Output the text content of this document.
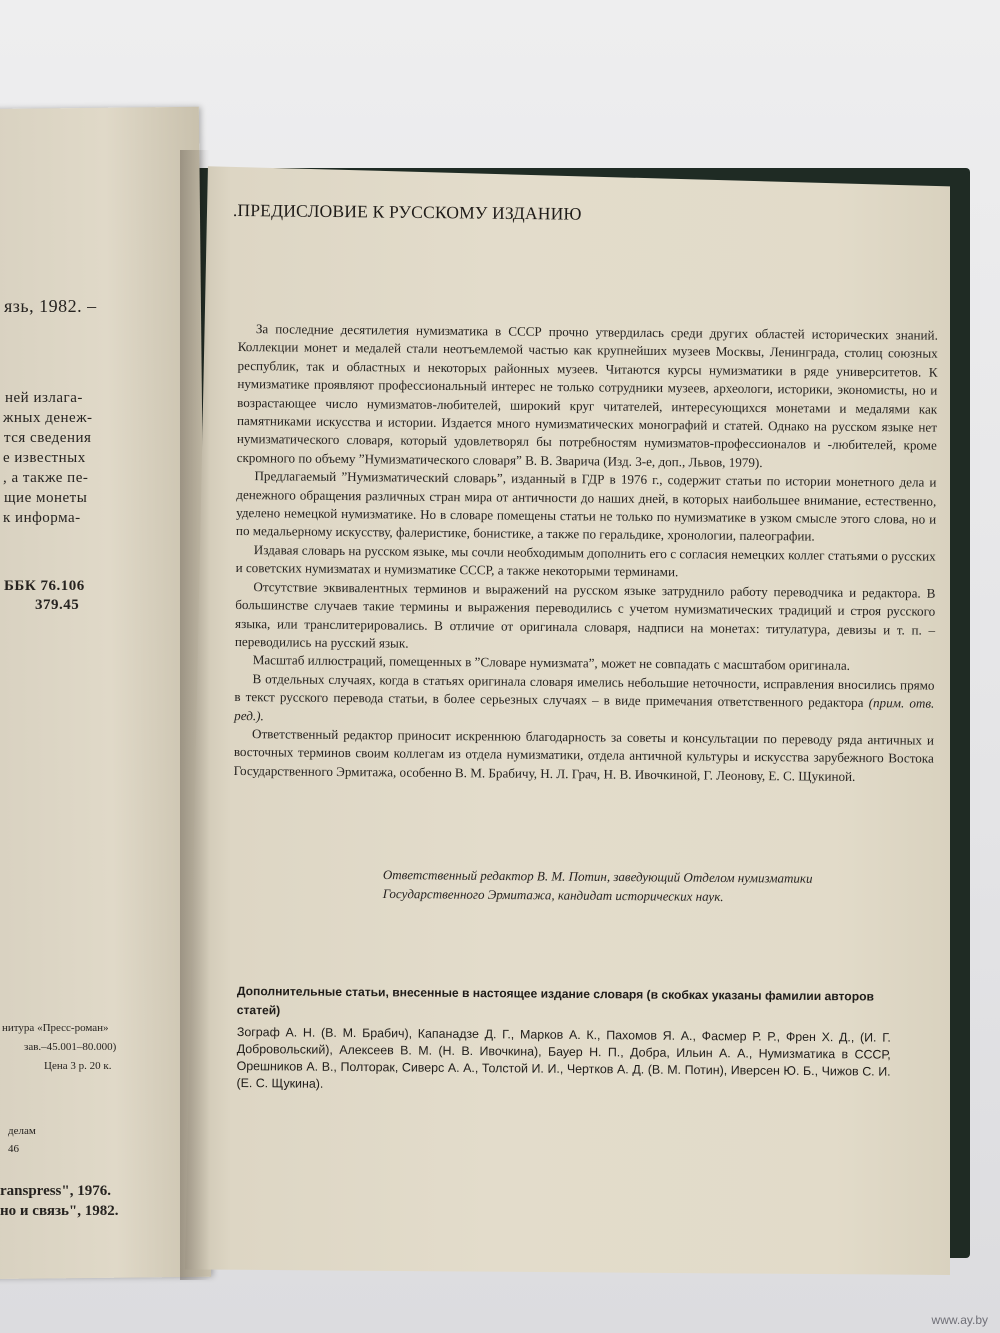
язь, 1982. –
ней излага-
жных денеж-
тся сведения
е известных
, а также пе-
щие монеты
к информа-
ББК 76.106
379.45
нитура «Пресс-роман»
зав.–45.001–80.000)
Цена 3 р. 20 к.
делам
46
ranspress", 1976.
но и связь", 1982.
.ПРЕДИСЛОВИЕ К РУССКОМУ ИЗДАНИЮ

За последние десятилетия нумизматика в СССР прочно утвердилась среди других областей исторических знаний. Коллекции монет и медалей стали неотъемлемой частью как крупнейших музеев Москвы, Ленинграда, столиц союзных республик, так и областных и некоторых районных музеев. Читаются курсы нумизматики в ряде университетов. К нумизматике проявляют профессиональный интерес не только сотрудники музеев, археологи, историки, экономисты, но и возрастающее число нумизматов-любителей, широкий круг читателей, интересующихся монетами и медалями как памятниками искусства и истории. Издается много нумизматических монографий и статей. Однако на русском языке нет нумизматического словаря, который удовлетворял бы потребностям нумизматов-профессионалов и -любителей, кроме скромного по объему ”Нумизматического словаря” В. В. Зварича (Изд. 3-е, доп., Львов, 1979).

Предлагаемый ”Нумизматический словарь”, изданный в ГДР в 1976 г., содержит статьи по истории монетного дела и денежного обращения различных стран мира от античности до наших дней, в которых наибольшее внимание, естественно, уделено немецкой нумизматике. Но в словаре помещены статьи не только по нумизматике в узком смысле этого слова, но и по медальерному искусству, фалеристике, бонистике, а также по геральдике, хронологии, палеографии.

Издавая словарь на русском языке, мы сочли необходимым дополнить его с согласия немецких коллег статьями о русских и советских нумизматах и нумизматике СССР, а также некоторыми терминами.

Отсутствие эквивалентных терминов и выражений на русском языке затруднило работу переводчика и редактора. В большинстве случаев такие термины и выражения переводились с учетом нумизматических традиций и строя русского языка, или транслитерировались. В отличие от оригинала словаря, надписи на монетах: титулатура, девизы и т. п. –переводились на русский язык.

Масштаб иллюстраций, помещенных в ”Словаре нумизмата”, может не совпадать с масштабом оригинала.

В отдельных случаях, когда в статьях оригинала словаря имелись небольшие неточности, исправления вносились прямо в текст русского перевода статьи, в более серьезных случаях – в виде примечания ответственного редактора (прим. отв. ред.).

Ответственный редактор приносит искреннюю благодарность за советы и консультации по переводу ряда античных и восточных терминов своим коллегам из отдела нумизматики, отдела античной культуры и искусства зарубежного Востока Государственного Эрмитажа, особенно В. М. Брабичу, Н. Л. Грач, Н. В. Ивочкиной, Г. Леонову, Е. С. Щукиной.

Ответственный редактор В. М. Потин, заведующий Отделом нумизматики Государственного Эрмитажа, кандидат исторических наук.
Дополнительные статьи, внесенные в настоящее издание словаря (в скобках указаны фамилии авторов статей)
Зограф А. Н. (В. М. Брабич), Капанадзе Д. Г., Марков А. К., Пахомов Я. А., Фасмер Р. Р., Френ Х. Д., (И. Г. Добровольский), Алексеев В. М. (Н. В. Ивочкина), Бауер Н. П., Добра, Ильин А. А., Нумизматика в СССР, Орешников А. В., Полторак, Сиверс А. А., Толстой И. И., Чертков А. Д. (В. М. Потин), Иверсен Ю. Б., Чижов С. И. (Е. С. Щукина).
www.ay.by
